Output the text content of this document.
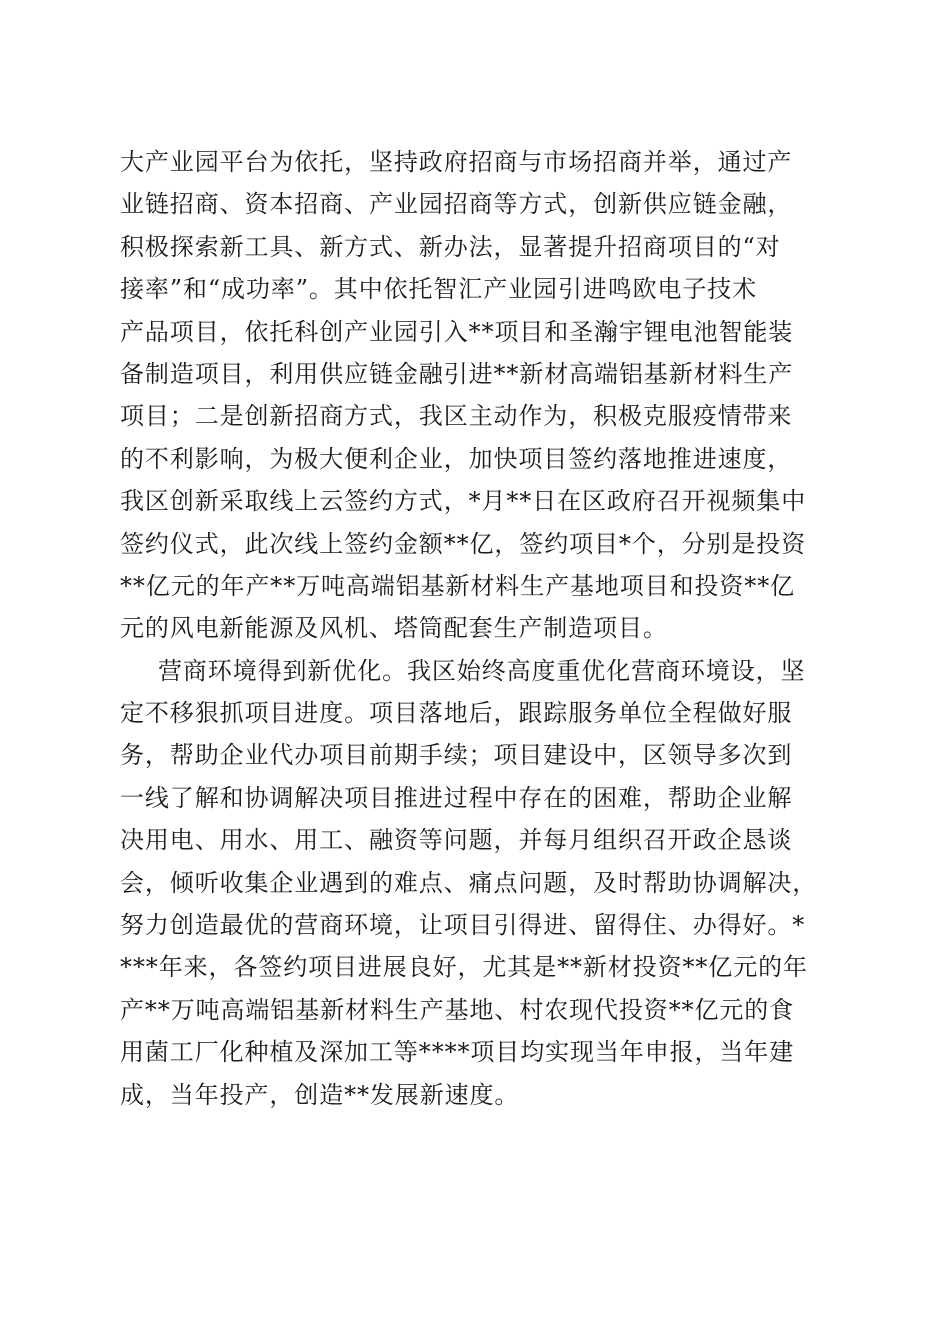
大产业园平台为依托，坚持政府招商与市场招商并举，通过产
业链招商、资本招商、产业园招商等方式，创新供应链金融，
积极探索新工具、新方式、新办法，显著提升招商项目的“对
接率”和“成功率”。其中依托智汇产业园引进鸣欧电子技术
产品项目，依托科创产业园引入**项目和圣瀚宇锂电池智能装
备制造项目，利用供应链金融引进**新材高端铝基新材料生产
项目；二是创新招商方式，我区主动作为，积极克服疫情带来
的不利影响，为极大便利企业，加快项目签约落地推进速度，
我区创新采取线上云签约方式，*月**日在区政府召开视频集中
签约仪式，此次线上签约金额**亿，签约项目*个，分别是投资
**亿元的年产**万吨高端铝基新材料生产基地项目和投资**亿
元的风电新能源及风机、塔筒配套生产制造项目。
营商环境得到新优化。我区始终高度重优化营商环境设，坚
定不移狠抓项目进度。项目落地后，跟踪服务单位全程做好服
务，帮助企业代办项目前期手续；项目建设中，区领导多次到
一线了解和协调解决项目推进过程中存在的困难，帮助企业解
决用电、用水、用工、融资等问题，并每月组织召开政企恳谈
会，倾听收集企业遇到的难点、痛点问题，及时帮助协调解决，
努力创造最优的营商环境，让项目引得进、留得住、办得好。*
***年来，各签约项目进展良好，尤其是**新材投资**亿元的年
产**万吨高端铝基新材料生产基地、村农现代投资**亿元的食
用菌工厂化种植及深加工等****项目均实现当年申报，当年建
成，当年投产，创造**发展新速度。
